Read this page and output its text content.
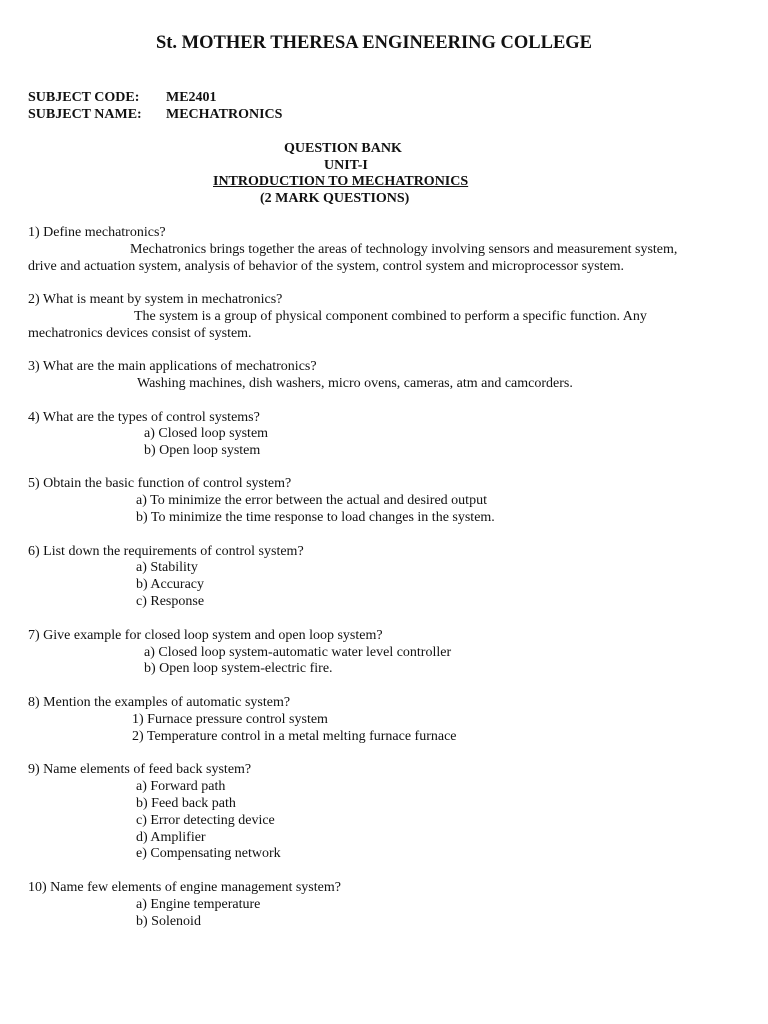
St. MOTHER THERESA ENGINEERING COLLEGE
SUBJECT CODE: ME2401
SUBJECT NAME: MECHATRONICS
QUESTION BANK
UNIT-I
INTRODUCTION TO MECHATRONICS
(2 MARK QUESTIONS)
1) Define mechatronics?
Mechatronics brings together the areas of technology involving sensors and measurement system,
drive and actuation system, analysis of behavior of the system, control system and microprocessor system.
2) What is meant by system in mechatronics?
The system is a group of physical component combined to perform a specific function. Any
mechatronics devices consist of system.
3) What are the main applications of mechatronics?
Washing machines, dish washers, micro ovens, cameras, atm and camcorders.
4) What are the types of control systems?
a) Closed loop system
b) Open loop system
5) Obtain the basic function of control system?
a) To minimize the error between the actual and desired output
b) To minimize the time response to load changes in the system.
6) List down the requirements of control system?
a) Stability
b) Accuracy
c) Response
7) Give example for closed loop system and open loop system?
a) Closed loop system-automatic water level controller
b) Open loop system-electric fire.
8) Mention the examples of automatic system?
1) Furnace pressure control system
2) Temperature control in a metal melting furnace furnace
9) Name elements of feed back system?
a) Forward path
b) Feed back path
c) Error detecting device
d) Amplifier
e) Compensating network
10) Name few elements of engine management system?
a) Engine temperature
b) Solenoid
